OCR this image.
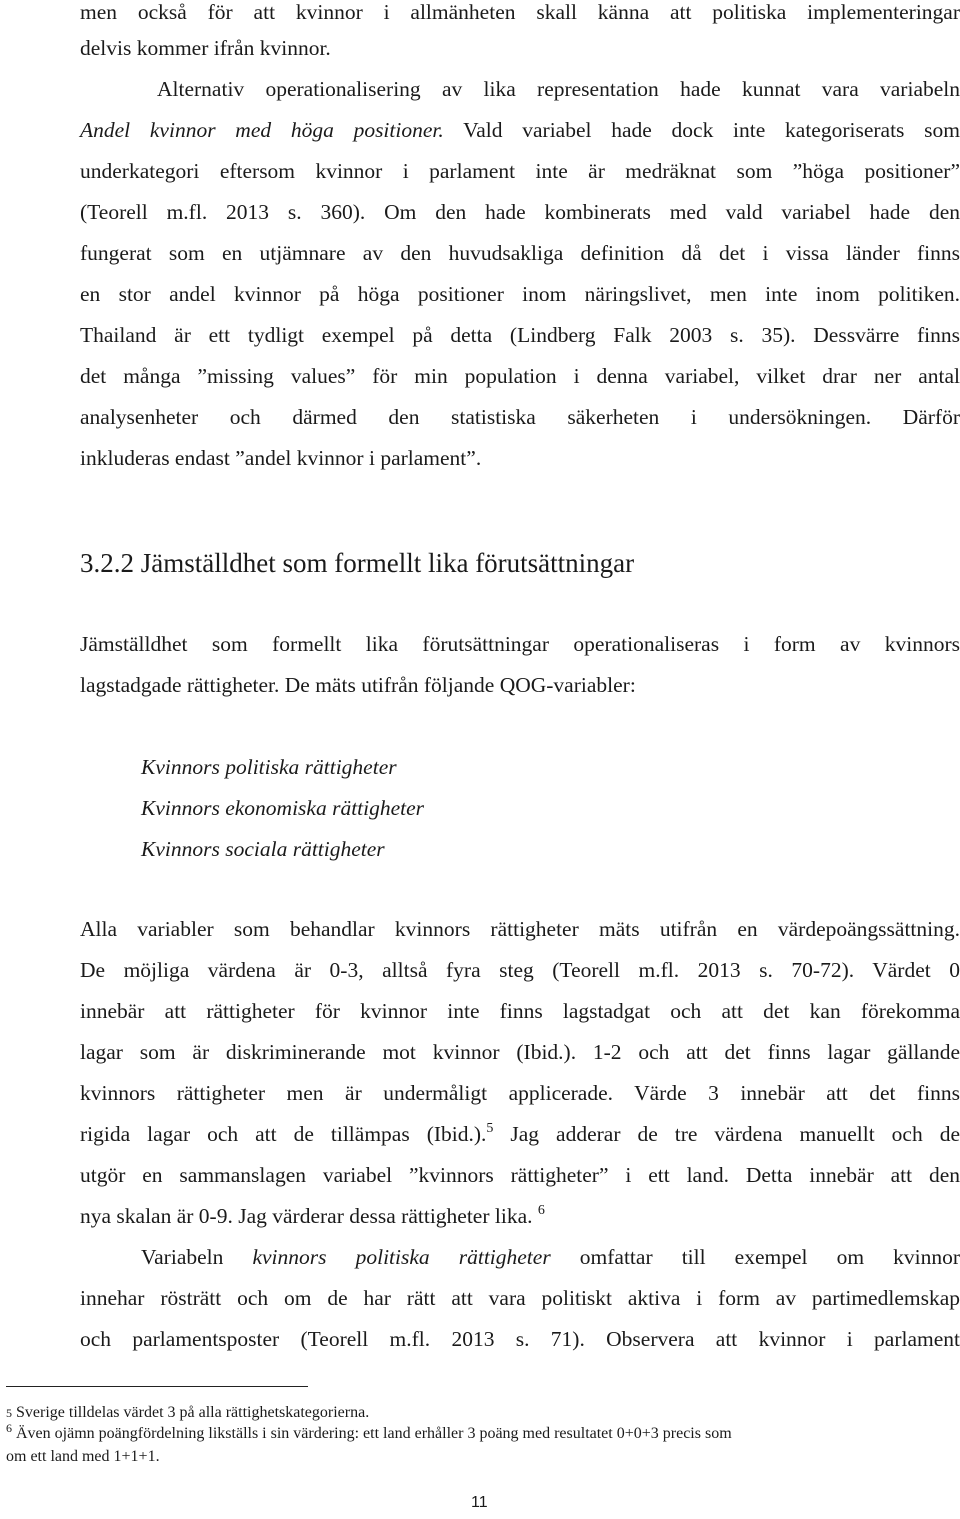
men också för att kvinnor i allmänheten skall känna att politiska implementeringar
delvis kommer ifrån kvinnor.
Alternativ operationalisering av lika representation hade kunnat vara variabeln
Andel kvinnor med höga positioner. Vald variabel hade dock inte kategoriserats som
underkategori eftersom kvinnor i parlament inte är medräknat som ”höga positioner”
(Teorell m.fl. 2013 s. 360). Om den hade kombinerats med vald variabel hade den
fungerat som en utjämnare av den huvudsakliga definition då det i vissa länder finns
en stor andel kvinnor på höga positioner inom näringslivet, men inte inom politiken.
Thailand är ett tydligt exempel på detta (Lindberg Falk 2003 s. 35). Dessvärre finns
det många ”missing values” för min population i denna variabel, vilket drar ner antal
analysenheter och därmed den statistiska säkerheten i undersökningen. Därför
inkluderas endast ”andel kvinnor i parlament”.
3.2.2 Jämställdhet som formellt lika förutsättningar
Jämställdhet som formellt lika förutsättningar operationaliseras i form av kvinnors
lagstadgade rättigheter. De mäts utifrån följande QOG-variabler:
Kvinnors politiska rättigheter
Kvinnors ekonomiska rättigheter
Kvinnors sociala rättigheter
Alla variabler som behandlar kvinnors rättigheter mäts utifrån en värdepoängssättning.
De möjliga värdena är 0-3, alltså fyra steg (Teorell m.fl. 2013 s. 70-72). Värdet 0
innebär att rättigheter för kvinnor inte finns lagstadgat och att det kan förekomma
lagar som är diskriminerande mot kvinnor (Ibid.). 1-2 och att det finns lagar gällande
kvinnors rättigheter men är undermåligt applicerade. Värde 3 innebär att det finns
rigida lagar och att de tillämpas (Ibid.).$^5$ Jag adderar de tre värdena manuellt och de
utgör en sammanslagen variabel ”kvinnors rättigheter” i ett land. Detta innebär att den
nya skalan är 0-9. Jag värderar dessa rättigheter lika. $^6$
Variabeln kvinnors politiska rättigheter omfattar till exempel om kvinnor
innehar rösträtt och om de har rätt att vara politiskt aktiva i form av partimedlemskap
och parlamentsposter (Teorell m.fl. 2013 s. 71). Observera att kvinnor i parlament
5 Sverige tilldelas värdet 3 på alla rättighetskategorierna.
$^6$ Även ojämn poängfördelning likställs i sin värdering: ett land erhåller 3 poäng med resultatet 0+0+3 precis som
om ett land med 1+1+1.
11
